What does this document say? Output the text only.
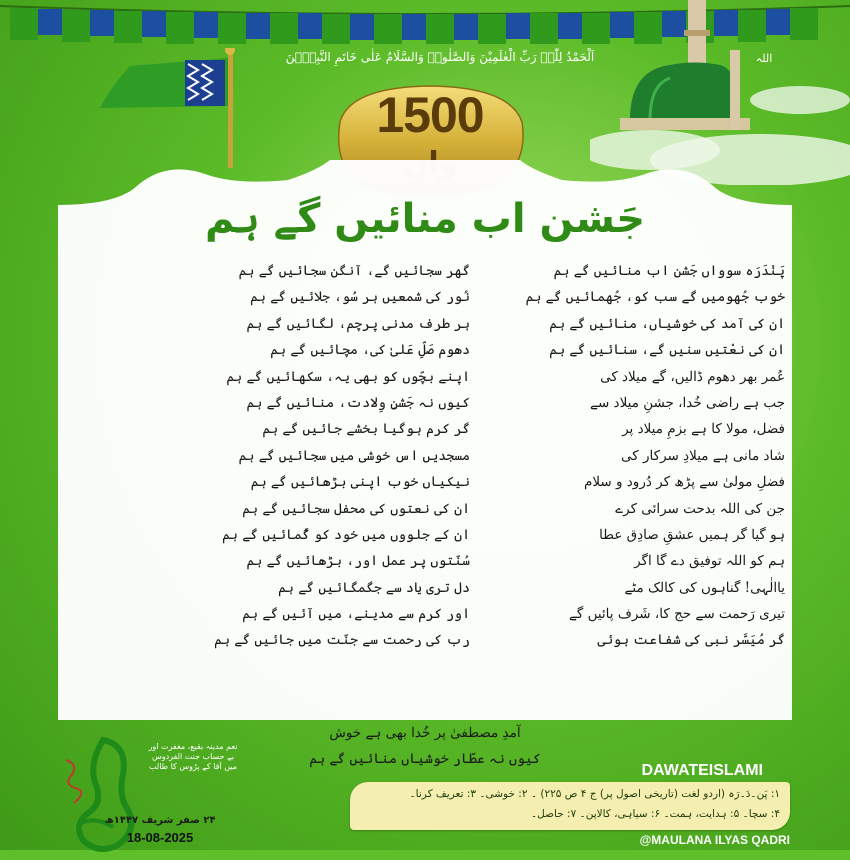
اَلْحَمْدُ لِلّٰہِ رَبِّ الْعٰلَمِیْنَ وَالصَّلٰوۃُ وَالسَّلَامُ عَلٰی خَاتَمِ النَّبِیّٖنَ	اللہ
1500
جَشن اب منائیں گے ہم
پَنْدَرَہ سوواں جَشن اب منائیں گے ہم
خوب جُھومیں گے سب کو، جُھمائیں گے ہم
ان کی آمد کی خوشیاں، منائیں گے ہم
ان کی نعْتیں سنیں گے، سنائیں گے ہم
عُمر بھر دھوم ڈالیں، گے میلاد کی
جب ہے راضی خُدا، جشنِ میلاد سے
فضل، مولا کا ہے بزمِ میلاد پر
شاد مانی ہے میلادِ سرکار کی
فضلِ مولیٰ سے پڑھ کر دُرود و سلام
جن کی اللہ بدحت سرائی کرے
ہو گیا گر ہمیں عشقِ صادِق عطا
ہم کو اللہ توفیق دے گا اگر
یاالٰہی! گناہوں کی کالک مٹے
تیری رَحمت سے حج کا، شَرف پائیں گے
گر مُیَسَّر نبی کی شفاعت ہوئی
گھر سجائیں گے، آنگن سجائیں گے ہم
نُور کی شمعیں ہر سُو، جلائیں گے ہم
ہر طرف مدنی پرچم، لگائیں گے ہم
دھوم صَلِّ عَلیٰ کی، مچائیں گے ہم
اپنے بچّوں کو بھی یہ، سکھائیں گے ہم
کیوں نہ جَشنِ وِلادت، منائیں گے ہم
گر کرم ہوگیا بخشے جائیں گے ہم
مسجدیں اس خوشی میں سجائیں گے ہم
نیکیاں خوب اپنی بڑھائیں گے ہم
ان کی نعتوں کی محفل سجائیں گے ہم
ان کے جلووں میں خود کو گُمائیں گے ہم
سُنّتوں پر عمل اور، بڑھائیں گے ہم
دل تری یاد سے جگمگائیں گے ہم
اور کرم سے مدینے، میں آئیں گے ہم
رب کی رحمت سے جنّت میں جائیں گے ہم
آمدِ مصطفیٰ پر خُدا بھی ہے خوش
کیوں نہ عطّار خوشیاں منائیں گے ہم
نعم مدینہ بقیع، مغفرت اور بے حساب جنت الفردوس میں آقا کے پڑوس کا طالب
۲۴ صفر شریف ۱۴۴۷ھ
18-08-2025
DAWATEISLAMI
۱: پَن۔دَ۔رَہ (اردو لغت (تاریخی اصول پر) ج ۴ ص ۲۲۵) ۔ ۲: خوشی۔ ۳: تعریف کرنا۔
۴: سچا۔ ۵: ہدایت، ہمت۔ ۶: سیاہی، کالاپن۔ ۷: حاصل۔
@MAULANA ILYAS QADRI
